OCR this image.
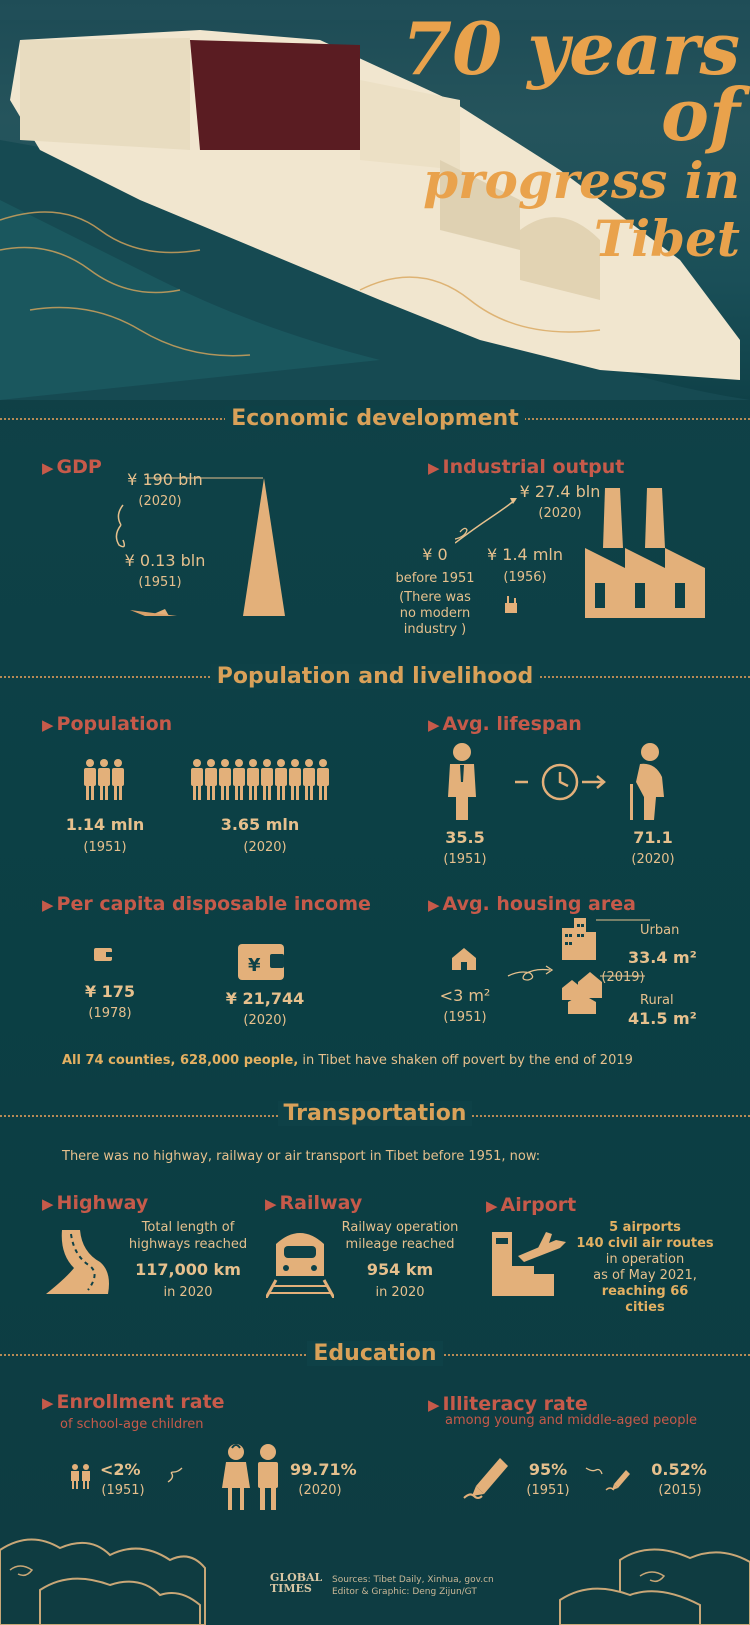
70 years of
progress in
Tibet
Economic development
▶ GDP
¥ 190 bln
(2020)
¥ 0.13 bln
(1951)
▶ Industrial output
¥ 27.4 bln
(2020)
¥ 0
before 1951
(There was no modern industry )
¥ 1.4 mln
(1956)
Population and livelihood
▶ Population
1.14 mln
(1951)
3.65 mln
(2020)
▶ Avg. lifespan
35.5
(1951)
71.1
(2020)
▶ Per capita disposable income
¥
¥ 175
(1978)
¥ 21,744
(2020)
▶ Avg. housing area
Urban
33.4 m²
(2019)
Rural
41.5 m²
<3 m²
(1951)
All 74 counties, 628,000 people, in Tibet have shaken off povert by the end of 2019
Transportation
There was no highway, railway or air transport in Tibet before 1951, now:
▶ Highway
Total length of
highways reached
117,000 km
in 2020
▶ Railway
Railway operation
mileage reached
954 km
in 2020
▶ Airport
5 airports
140 civil air routes
in operation
as of May 2021,
reaching 66 cities
Education
▶ Enrollment rate
of school-age children
<2%
(1951)
99.71%
(2020)
▶ Illiteracy rate
among young and middle-aged people
95%
(1951)
0.52%
(2015)
GLOBAL
TIMES
Sources: Tibet Daily, Xinhua, gov.cn
Editor & Graphic: Deng Zijun/GT
